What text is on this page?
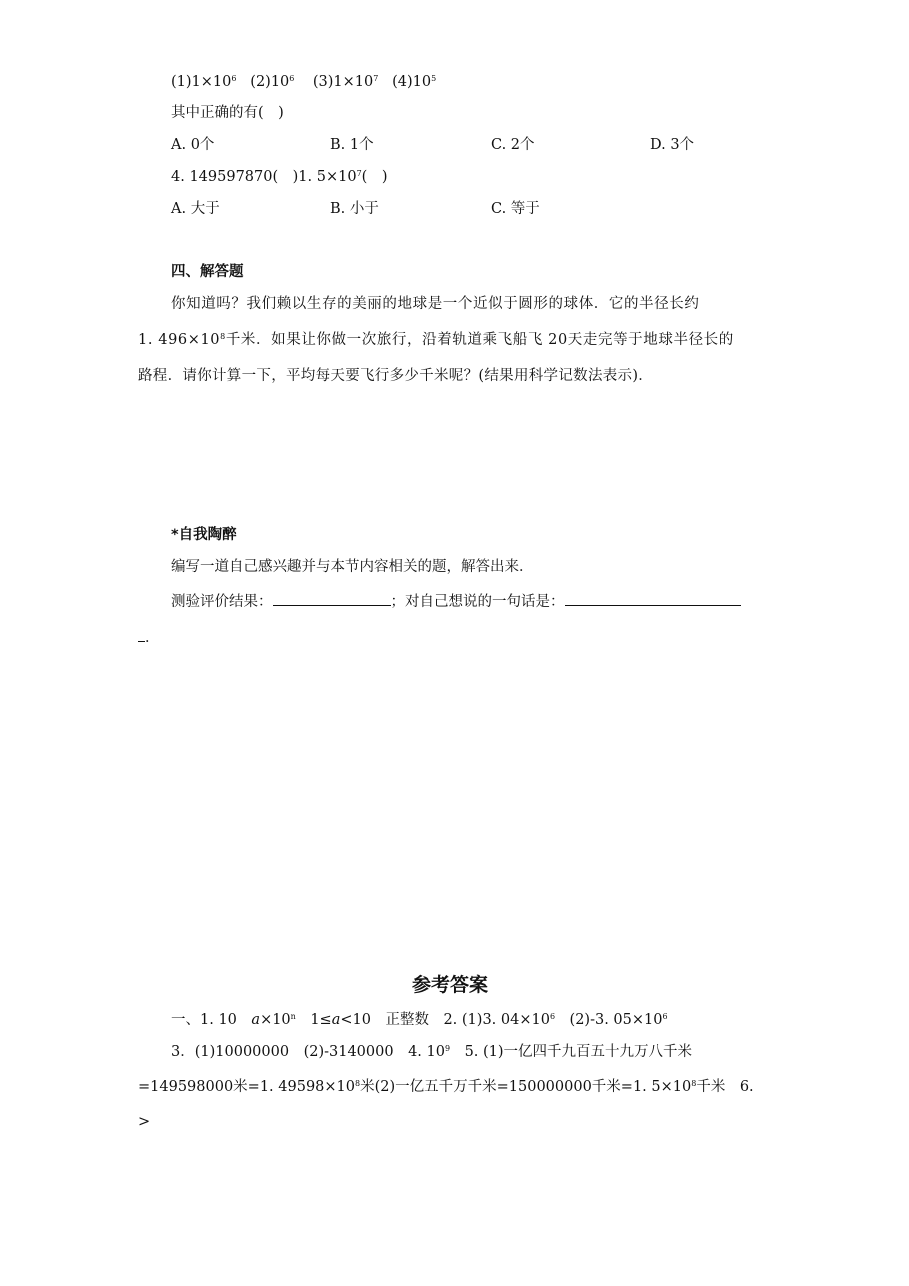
$(1)1\times 10^6$ $(2)10^6$ $(3)1\times 10^7$ $(4)10^5$
其中正确的有(　)
A. 0个	B. 1个	C. 2个	D. 3个
4. 149597870(　)1. $5\times 10^7$(　)
A. 大于	B. 小于	C. 等于
四、解答题
你知道吗？我们赖以生存的美丽的地球是一个近似于圆形的球体．它的半径长约
1. $496\times 10^8$千米．如果让你做一次旅行，沿着轨道乘飞船飞 20天走完等于地球半径长的
路程．请你计算一下，平均每天要飞行多少千米呢？(结果用科学记数法表示)．
*自我陶醉
编写一道自己感兴趣并与本节内容相关的题，解答出来．
测验评价结果：	；对自己想说的一句话是：
．
参考答案
一、1. 10　$a\times 10^n$　1≤a<10　正整数　2. (1)3. $04\times 10^6$　(2)-3. $05\times 10^6$
3．(1)10000000　(2)-3140000　4. $10^9$　5. (1)一亿四千九百五十九万八千米
=149598000米=1. $49598\times 10^8$米(2)一亿五千万千米=150000000千米=1. $5\times 10^8$千米　6.
>
